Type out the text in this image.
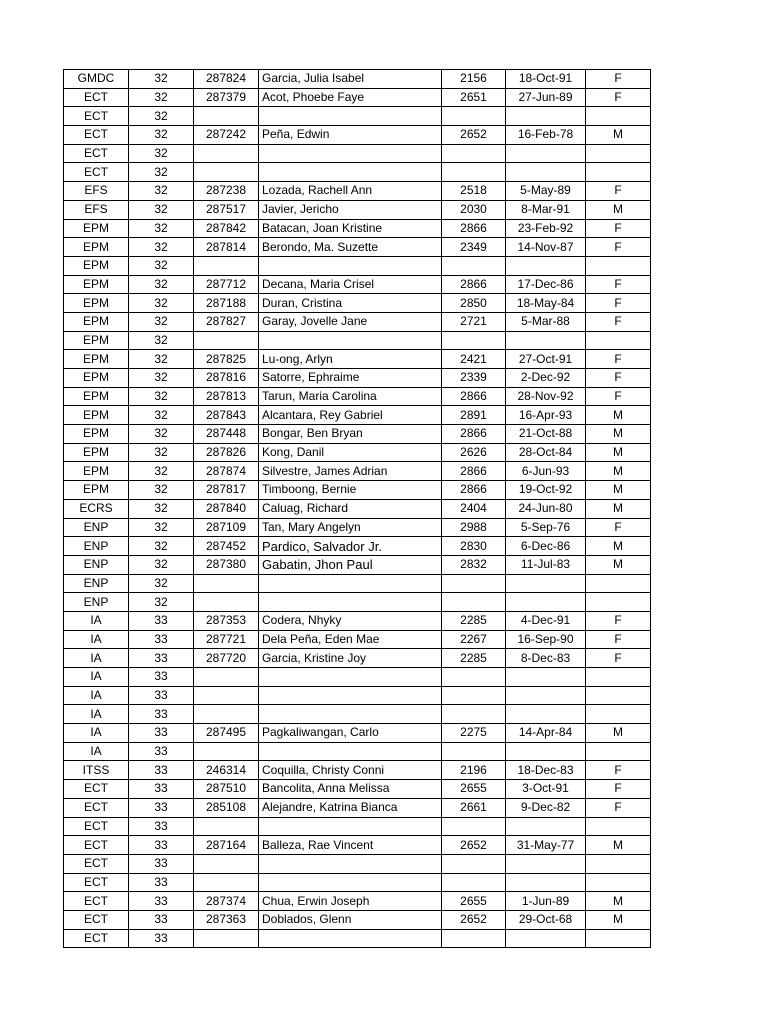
GMDC	32	287824	Garcia, Julia Isabel	2156	18-Oct-91	F
ECT	32	287379	Acot, Phoebe Faye	2651	27-Jun-89	F
ECT	32					
ECT	32	287242	Peña, Edwin	2652	16-Feb-78	M
ECT	32					
ECT	32					
EFS	32	287238	Lozada, Rachell Ann	2518	5-May-89	F
EFS	32	287517	Javier, Jericho	2030	8-Mar-91	M
EPM	32	287842	Batacan, Joan Kristine	2866	23-Feb-92	F
EPM	32	287814	Berondo, Ma. Suzette	2349	14-Nov-87	F
EPM	32					
EPM	32	287712	Decana, Maria Crisel	2866	17-Dec-86	F
EPM	32	287188	Duran, Cristina	2850	18-May-84	F
EPM	32	287827	Garay, Jovelle Jane	2721	5-Mar-88	F
EPM	32					
EPM	32	287825	Lu-ong, Arlyn	2421	27-Oct-91	F
EPM	32	287816	Satorre, Ephraime	2339	2-Dec-92	F
EPM	32	287813	Tarun, Maria Carolina	2866	28-Nov-92	F
EPM	32	287843	Alcantara, Rey Gabriel	2891	16-Apr-93	M
EPM	32	287448	Bongar, Ben Bryan	2866	21-Oct-88	M
EPM	32	287826	Kong, Danil	2626	28-Oct-84	M
EPM	32	287874	Silvestre, James Adrian	2866	6-Jun-93	M
EPM	32	287817	Timboong, Bernie	2866	19-Oct-92	M
ECRS	32	287840	Caluag, Richard	2404	24-Jun-80	M
ENP	32	287109	Tan, Mary Angelyn	2988	5-Sep-76	F
ENP	32	287452	Pardico, Salvador Jr.	2830	6-Dec-86	M
ENP	32	287380	Gabatin, Jhon Paul	2832	11-Jul-83	M
ENP	32					
ENP	32					
IA	33	287353	Codera, Nhyky	2285	4-Dec-91	F
IA	33	287721	Dela Peña, Eden Mae	2267	16-Sep-90	F
IA	33	287720	Garcia, Kristine Joy	2285	8-Dec-83	F
IA	33					
IA	33					
IA	33					
IA	33	287495	Pagkaliwangan, Carlo	2275	14-Apr-84	M
IA	33					
ITSS	33	246314	Coquilla, Christy Conni	2196	18-Dec-83	F
ECT	33	287510	Bancolita, Anna Melissa	2655	3-Oct-91	F
ECT	33	285108	Alejandre, Katrina Bianca	2661	9-Dec-82	F
ECT	33					
ECT	33	287164	Balleza, Rae Vincent	2652	31-May-77	M
ECT	33					
ECT	33					
ECT	33	287374	Chua, Erwin Joseph	2655	1-Jun-89	M
ECT	33	287363	Doblados, Glenn	2652	29-Oct-68	M
ECT	33					
